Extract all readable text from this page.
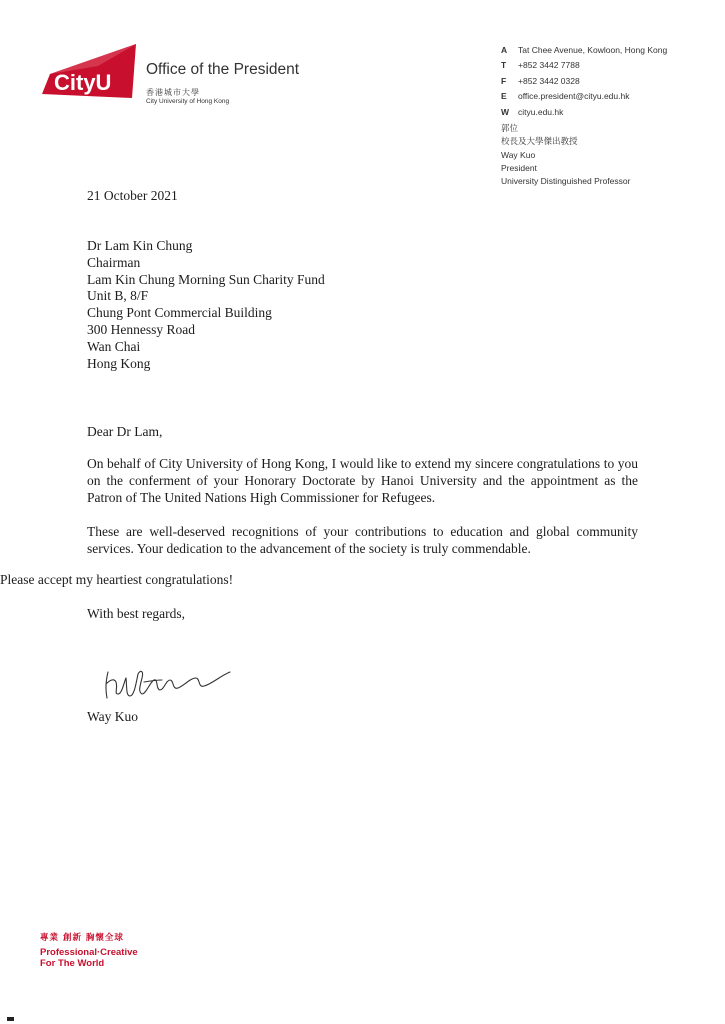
CityU
Office of the President
香港城市大學
City University of Hong Kong
A	Tat Chee Avenue, Kowloon, Hong Kong
T	+852 3442 7788
F	+852 3442 0328
E	office.president@cityu.edu.hk
W	cityu.edu.hk
郭位
校長及大學傑出教授
Way Kuo
President
University Distinguished Professor
21 October 2021
Dr Lam Kin Chung
Chairman
Lam Kin Chung Morning Sun Charity Fund
Unit B, 8/F
Chung Pont Commercial Building
300 Hennessy Road
Wan Chai
Hong Kong
Dear Dr Lam,
On behalf of City University of Hong Kong, I would like to extend my sincere congratulations to you on the conferment of your Honorary Doctorate by Hanoi University and the appointment as the Patron of The United Nations High Commissioner for Refugees.
These are well-deserved recognitions of your contributions to education and global community services. Your dedication to the advancement of the society is truly commendable.
Please accept my heartiest congratulations!
With best regards,
Way Kuo
專業 創新 胸懷全球
Professional·Creative
For The World
